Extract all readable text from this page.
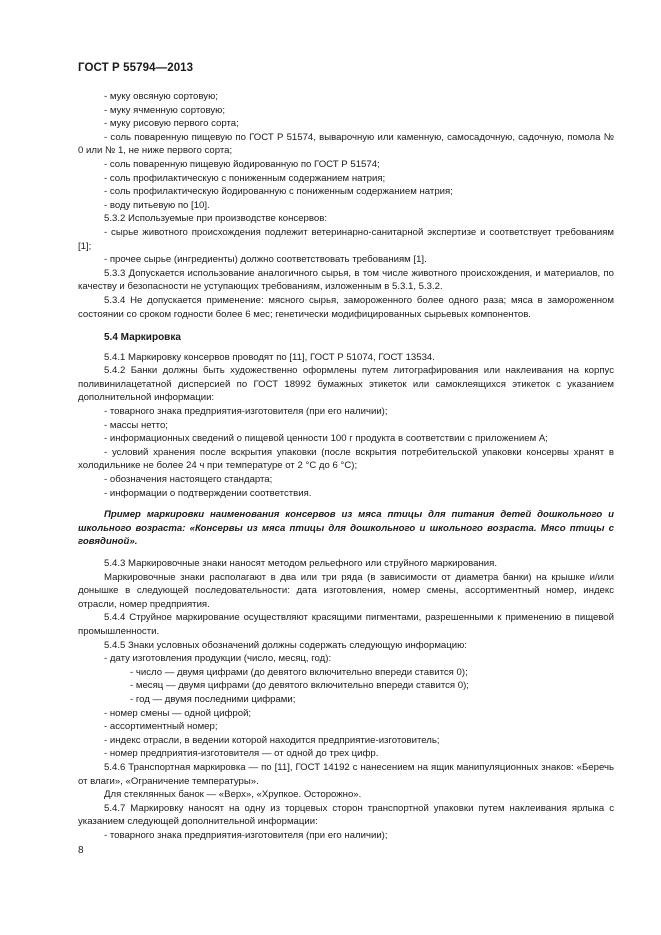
ГОСТ Р 55794—2013

- муку овсяную сортовую;

- муку ячменную сортовую;

- муку рисовую первого сорта;

- соль поваренную пищевую по ГОСТ Р 51574, выварочную или каменную, самосадочную, садочную, помола № 0 или № 1, не ниже первого сорта;

- соль поваренную пищевую йодированную по ГОСТ Р 51574;

- соль профилактическую с пониженным содержанием натрия;

- соль профилактическую йодированную с пониженным содержанием натрия;

- воду питьевую по [10].

5.3.2 Используемые при производстве консервов:

- сырье животного происхождения подлежит ветеринарно-санитарной экспертизе и соответствует требованиям [1];

- прочее сырье (ингредиенты) должно соответствовать требованиям [1].

5.3.3 Допускается использование аналогичного сырья, в том числе животного происхождения, и материалов, по качеству и безопасности не уступающих требованиям, изложенным в 5.3.1, 5.3.2.

5.3.4 Не допускается применение: мясного сырья, замороженного более одного раза; мяса в замороженном состоянии со сроком годности более 6 мес; генетически модифицированных сырьевых компонентов.

5.4 Маркировка

5.4.1 Маркировку консервов проводят по [11], ГОСТ Р 51074, ГОСТ 13534.

5.4.2 Банки должны быть художественно оформлены путем литографирования или наклеивания на корпус поливинилацетатной дисперсией по ГОСТ 18992 бумажных этикеток или самоклеящихся этикеток с указанием дополнительной информации:

- товарного знака предприятия-изготовителя (при его наличии);

- массы нетто;

- информационных сведений о пищевой ценности 100 г продукта в соответствии с приложением А;

- условий хранения после вскрытия упаковки (после вскрытия потребительской упаковки консервы хранят в холодильнике не более 24 ч при температуре от 2 °С до 6 °С);

- обозначения настоящего стандарта;

- информации о подтверждении соответствия.

Пример маркировки наименования консервов из мяса птицы для питания детей дошкольного и школьного возраста: «Консервы из мяса птицы для дошкольного и школьного возраста. Мясо птицы с говядиной».

5.4.3 Маркировочные знаки наносят методом рельефного или струйного маркирования.

Маркировочные знаки располагают в два или три ряда (в зависимости от диаметра банки) на крышке и/или донышке в следующей последовательности: дата изготовления, номер смены, ассортиментный номер, индекс отрасли, номер предприятия.

5.4.4 Струйное маркирование осуществляют красящими пигментами, разрешенными к применению в пищевой промышленности.

5.4.5 Знаки условных обозначений должны содержать следующую информацию:

- дату изготовления продукции (число, месяц, год):

- число — двумя цифрами (до девятого включительно впереди ставится 0);

- месяц — двумя цифрами (до девятого включительно впереди ставится 0);

- год — двумя последними цифрами;

- номер смены — одной цифрой;

- ассортиментный номер;

- индекс отрасли, в ведении которой находится предприятие-изготовитель;

- номер предприятия-изготовителя — от одной до трех цифр.

5.4.6 Транспортная маркировка — по [11], ГОСТ 14192 с нанесением на ящик манипуляционных знаков: «Беречь от влаги», «Ограничение температуры».

Для стеклянных банок — «Верх», «Хрупкое. Осторожно».

5.4.7 Маркировку наносят на одну из торцевых сторон транспортной упаковки путем наклеивания ярлыка с указанием следующей дополнительной информации:

- товарного знака предприятия-изготовителя (при его наличии);

8
